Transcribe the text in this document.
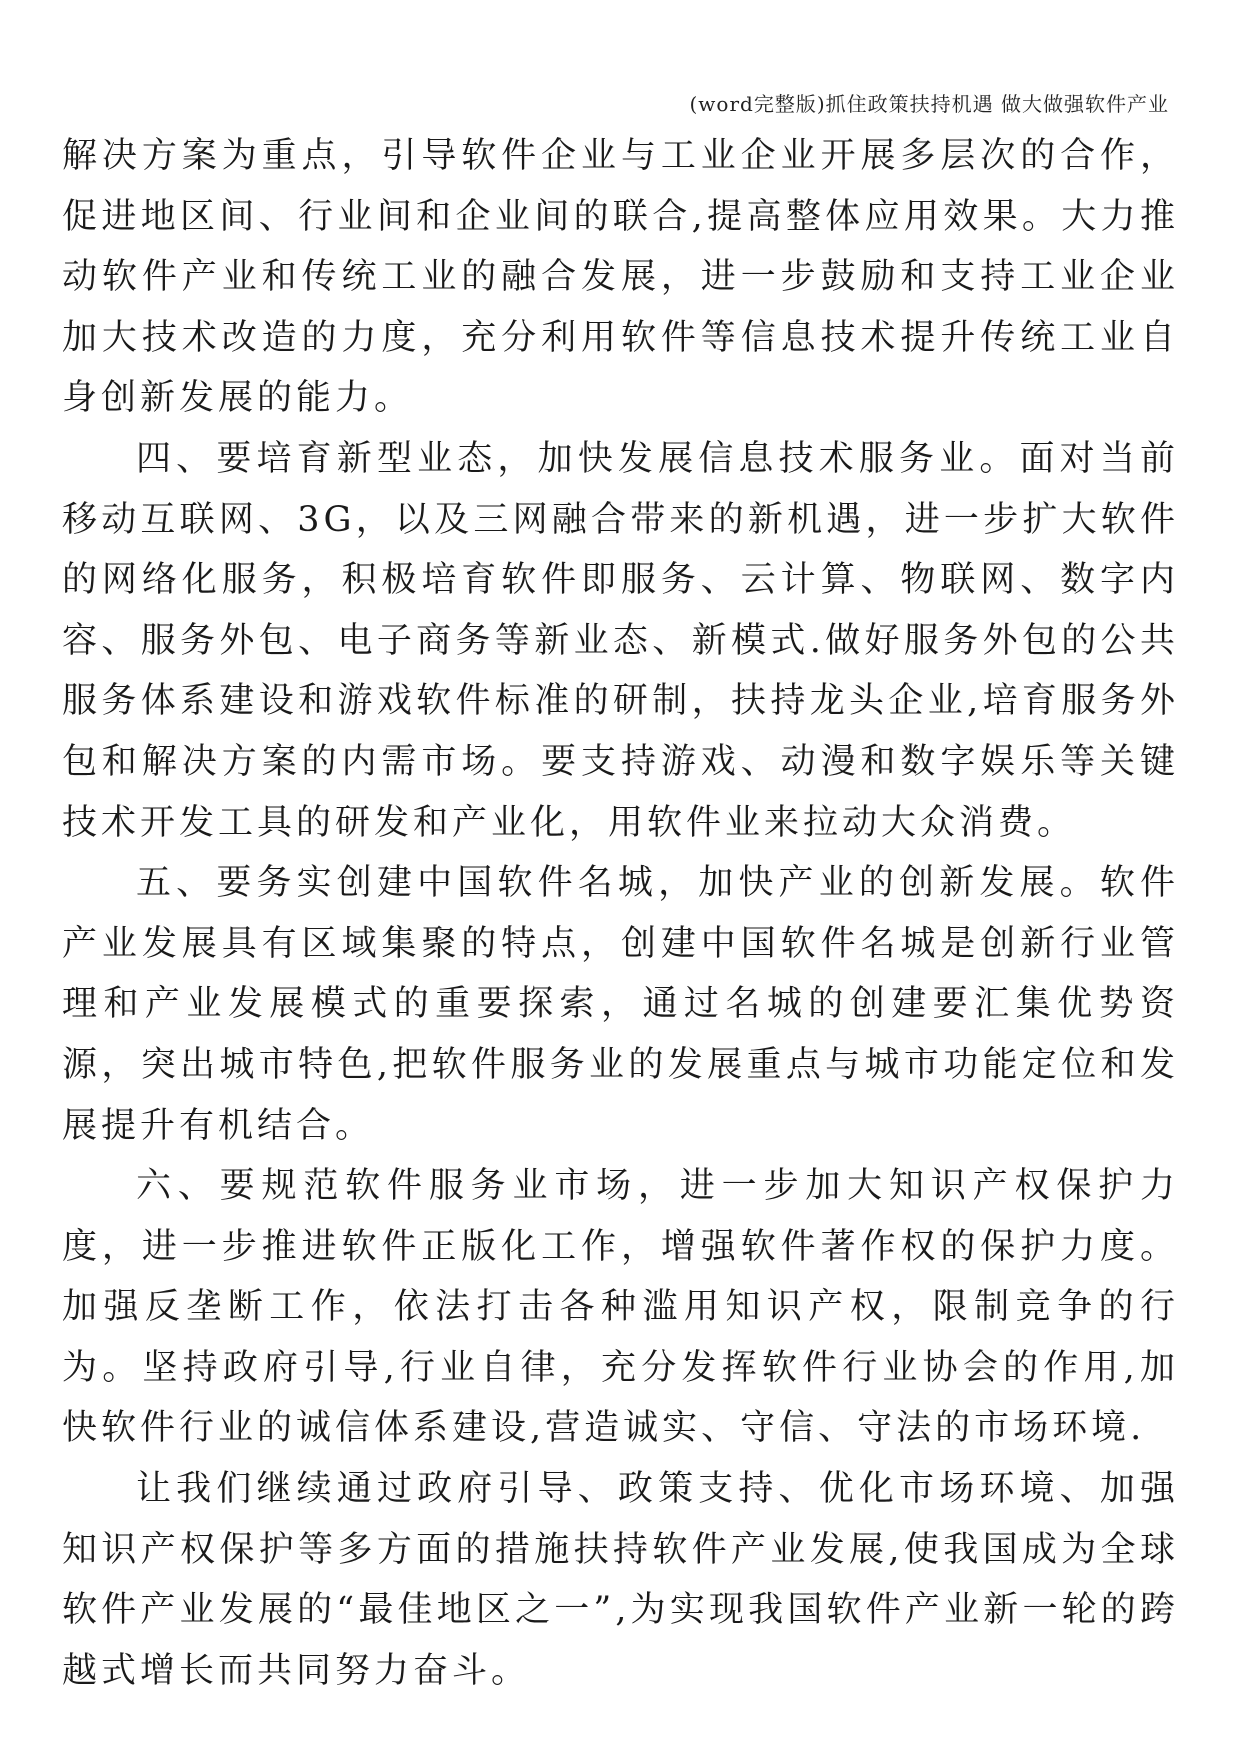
(word完整版)抓住政策扶持机遇 做大做强软件产业

解决方案为重点，引导软件企业与工业企业开展多层次的合作，促进地区间、行业间和企业间的联合,提高整体应用效果。大力推动软件产业和传统工业的融合发展，进一步鼓励和支持工业企业加大技术改造的力度，充分利用软件等信息技术提升传统工业自身创新发展的能力。

四、要培育新型业态，加快发展信息技术服务业。面对当前移动互联网、3G，以及三网融合带来的新机遇，进一步扩大软件的网络化服务，积极培育软件即服务、云计算、物联网、数字内容、服务外包、电子商务等新业态、新模式.做好服务外包的公共服务体系建设和游戏软件标准的研制，扶持龙头企业,培育服务外包和解决方案的内需市场。要支持游戏、动漫和数字娱乐等关键技术开发工具的研发和产业化，用软件业来拉动大众消费。

五、要务实创建中国软件名城，加快产业的创新发展。软件产业发展具有区域集聚的特点，创建中国软件名城是创新行业管理和产业发展模式的重要探索，通过名城的创建要汇集优势资源，突出城市特色,把软件服务业的发展重点与城市功能定位和发展提升有机结合。

六、要规范软件服务业市场，进一步加大知识产权保护力度，进一步推进软件正版化工作，增强软件著作权的保护力度。加强反垄断工作，依法打击各种滥用知识产权，限制竞争的行为。坚持政府引导,行业自律，充分发挥软件行业协会的作用,加快软件行业的诚信体系建设,营造诚实、守信、守法的市场环境.

让我们继续通过政府引导、政策支持、优化市场环境、加强知识产权保护等多方面的措施扶持软件产业发展,使我国成为全球软件产业发展的“最佳地区之一”,为实现我国软件产业新一轮的跨越式增长而共同努力奋斗。
